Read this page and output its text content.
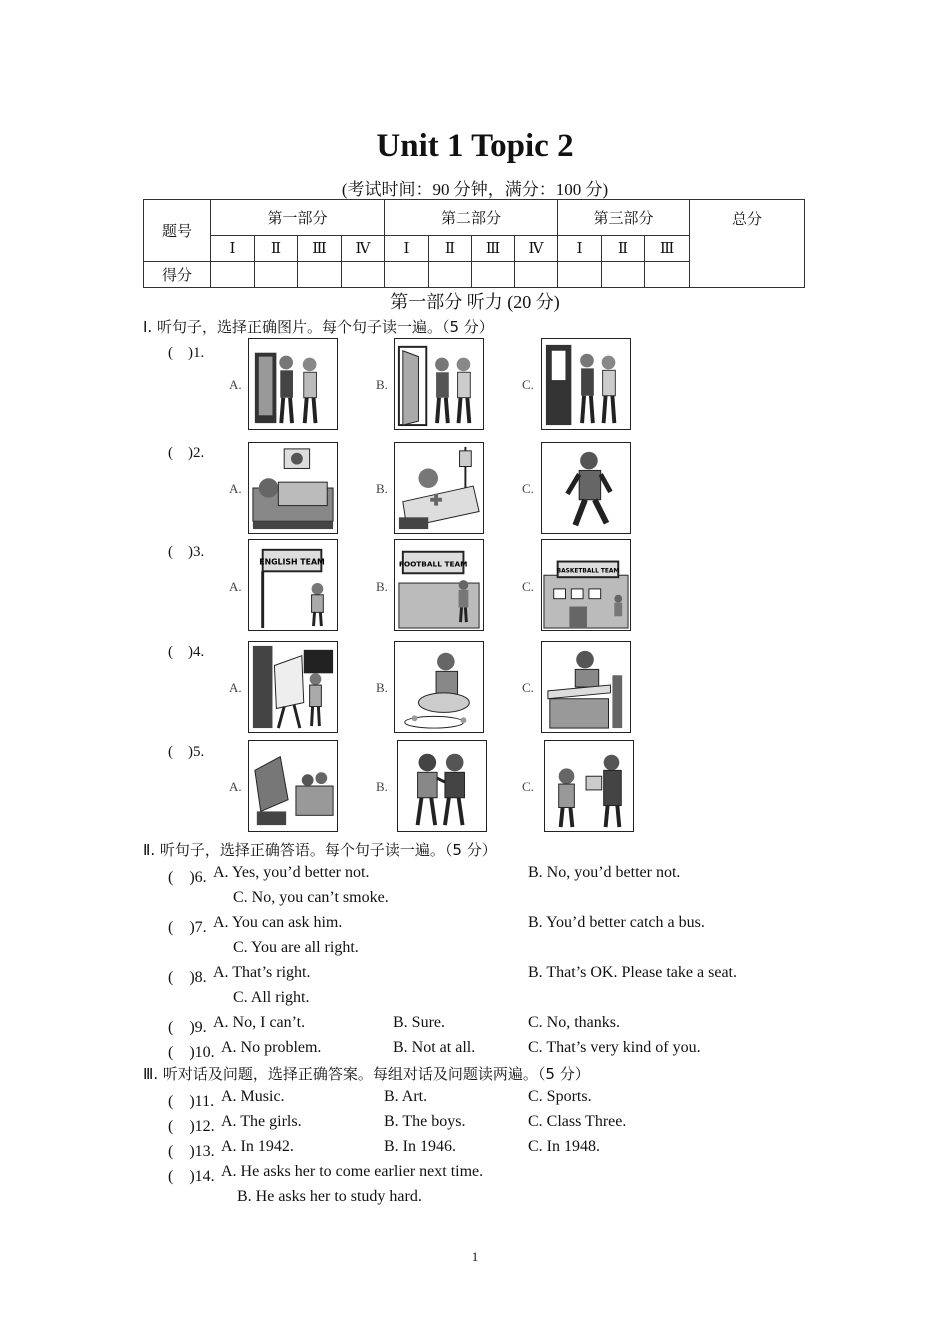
Unit 1 Topic 2
(考试时间：90 分钟，满分：100 分)
题号	第一部分				第二部分				第三部分			总分
	Ⅰ	Ⅱ	Ⅲ	Ⅳ	Ⅰ	Ⅱ	Ⅲ	Ⅳ	Ⅰ	Ⅱ	Ⅲ	
得分												
第一部分 听力 (20 分)
Ⅰ. 听句子，选择正确图片。每个句子读一遍。（5 分）
(　)1.
A.	B.	C.
(　)2.
A.	B.	C.
(　)3.
A.
ENGLISH TEAM
B.
FOOTBALL TEAM
C.
BASKETBALL TEAM
(　)4.
A.	B.	C.
(　)5.
A.	B.	C.
Ⅱ. 听句子，选择正确答语。每个句子读一遍。（5 分）
(　)6. A. Yes, you’d better not.	B. No, you’d better not.
C. No, you can’t smoke.
(　)7. A. You can ask him.	B. You’d better catch a bus.
C. You are all right.
(　)8. A. That’s right.	B. That’s OK. Please take a seat.
C. All right.
(　)9. A. No, I can’t.	B. Sure.	C. No, thanks.
(　)10. A. No problem.	B. Not at all.	C. That’s very kind of you.
Ⅲ. 听对话及问题，选择正确答案。每组对话及问题读两遍。（5 分）
(　)11. A. Music.	B. Art.	C. Sports.
(　)12. A. The girls.	B. The boys.	C. Class Three.
(　)13. A. In 1942.	B. In 1946.	C. In 1948.
(　)14. A. He asks her to come earlier next time.
B. He asks her to study hard.
1
